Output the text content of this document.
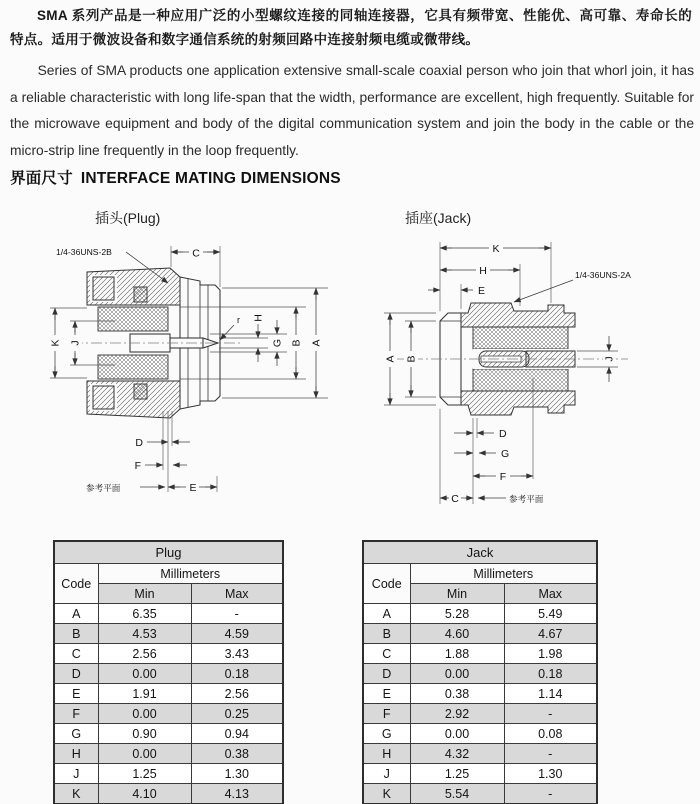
SMA 系列产品是一种应用广泛的小型螺纹连接的同轴连接器，它具有频带宽、性能优、高可靠、寿命长的特点。适用于微波设备和数字通信系统的射频回路中连接射频电缆或微带线。

Series of SMA products one application extensive small-scale coaxial person who join that whorl join, it has a reliable characteristic with long life-span that the width, performance are excellent, high frequently. Suitable for the microwave equipment and body of the digital communication system and join the body in the cable or the micro-strip line frequently in the loop frequently.

界面尺寸 INTERFACE MATING DIMENSIONS
插头(Plug)	插座(Jack)
C
1/4-36UNS-2B
r H
G B A
K J
D
F
E
参考平面
K
H
E
1/4-36UNS-2A
A B	J
D
G
F
C	参考平面
Plug		
Code	Millimeters	
	Min	Max
A	6.35	-
B	4.53	4.59
C	2.56	3.43
D	0.00	0.18
E	1.91	2.56
F	0.00	0.25
G	0.90	0.94
H	0.00	0.38
J	1.25	1.30
K	4.10	4.13
Jack		
Code	Millimeters	
	Min	Max
A	5.28	5.49
B	4.60	4.67
C	1.88	1.98
D	0.00	0.18
E	0.38	1.14
F	2.92	-
G	0.00	0.08
H	4.32	-
J	1.25	1.30
K	5.54	-
